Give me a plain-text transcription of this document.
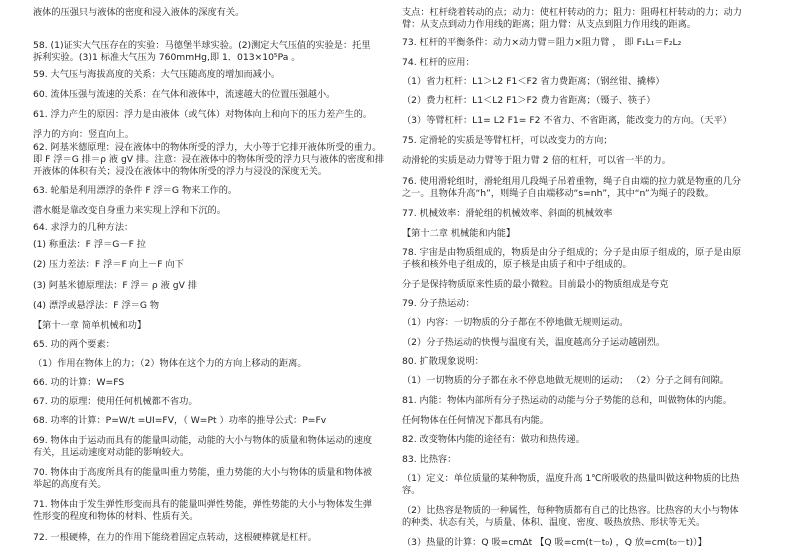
液体的压强只与液体的密度和浸入液体的深度有关。
58. (1)证实大气压存在的实验：马德堡半球实验。(2)测定大气压值的实验是：托里
拆利实验。(3)1 标准大气压为 760mmHg,即 1．013×10⁵Pa 。
59. 大气压与海拔高度的关系：大气压随高度的增加而减小。
60. 流体压强与流速的关系：在气体和液体中，流速越大的位置压强越小。
61. 浮力产生的原因：浮力是由液体（或气体）对物体向上和向下的压力差产生的。
浮力的方向：竖直向上。
62. 阿基米德原理：浸在液体中的物体所受的浮力，大小等于它排开液体所受的重力。
即 F 浮＝G 排＝ρ 液 gV 排。注意：浸在液体中的物体所受的浮力只与液体的密度和排
开液体的体积有关；浸没在液体中的物体所受的浮力与浸没的深度无关。
63. 轮船是利用漂浮的条件 F 浮＝G 物来工作的。
潜水艇是靠改变自身重力来实现上浮和下沉的。
64. 求浮力的几种方法：
(1) 称重法：F 浮＝G－F 拉
(2) 压力差法：F 浮＝F 向上－F 向下
(3) 阿基米德原理法：F 浮＝ ρ 液 gV 排
(4) 漂浮或悬浮法：F 浮＝G 物
【第十一章 简单机械和功】
65. 功的两个要素：
（1）作用在物体上的力；（2）物体在这个力的方向上移动的距离。
66. 功的计算：W=FS
67. 功的原理：使用任何机械都不省功。
68. 功率的计算：P=W/t =UI=FV，（ W=Pt ）功率的推导公式：P=Fv
69. 物体由于运动而具有的能量叫动能，动能的大小与物体的质量和物体运动的速度
有关，且运动速度对动能的影响较大。
70. 物体由于高度所具有的能量叫重力势能，重力势能的大小与物体的质量和物体被
举起的高度有关。
71. 物体由于发生弹性形变而具有的能量叫弹性势能，弹性势能的大小与物体发生弹
性形变的程度和物体的材料、性质有关。
72. 一根硬棒，在力的作用下能绕着固定点转动，这根硬棒就是杠杆。
支点：杠杆绕着转动的点；动力：使杠杆转动的力；阻力：阻碍杠杆转动的力；动力
臂：从支点到动力作用线的距离；阻力臂：从支点到阻力作用线的距离。
73. 杠杆的平衡条件：动力×动力臂＝阻力×阻力臂 ， 即 F₁L₁＝F₂L₂
74. 杠杆的应用：
（1）省力杠杆：L1＞L2 F1＜F2 省力费距离；（钢丝钳、撬棒）
（2）费力杠杆：L1＜L2 F1＞F2 费力省距离；（镊子、筷子）
（3）等臂杠杆：L1= L2 F1= F2 不省力、不省距离，能改变力的方向。（天平）
75. 定滑轮的实质是等臂杠杆，可以改变力的方向；
动滑轮的实质是动力臂等于阻力臂 2 倍的杠杆，可以省一半的力。
76. 使用滑轮组时，滑轮组用几段绳子吊着重物，绳子自由端的拉力就是物重的几分
之一。且物体升高“h”，则绳子自由端移动“s=nh”，其中“n”为绳子的段数。
77. 机械效率：滑轮组的机械效率、斜面的机械效率
【第十二章 机械能和内能】
78. 宇宙是由物质组成的，物质是由分子组成的；分子是由原子组成的，原子是由原
子核和核外电子组成的，原子核是由质子和中子组成的。
分子是保持物质原来性质的最小微粒。目前最小的物质组成是夸克
79. 分子热运动：
（1）内容：一切物质的分子都在不停地做无规则运动。
（2）分子热运动的快慢与温度有关，温度越高分子运动越剧烈。
80. 扩散现象说明：
（1）一切物质的分子都在永不停息地做无规则的运动； （2）分子之间有间隙。
81. 内能：物体内部所有分子热运动的动能与分子势能的总和，叫做物体的内能。
任何物体在任何情况下都具有内能。
82. 改变物体内能的途径有：做功和热传递。
83. 比热容：
（1）定义：单位质量的某种物质，温度升高 1℃所吸收的热量叫做这种物质的比热
容。
（2）比热容是物质的一种属性，每种物质都有自己的比热容。比热容的大小与物体
的种类、状态有关，与质量、体积、温度、密度、吸热放热、形状等无关。
（3）热量的计算：Q 吸=cmΔt 【Q 吸=cm(t－t₀) ，Q 放=cm(t₀－t)）】
